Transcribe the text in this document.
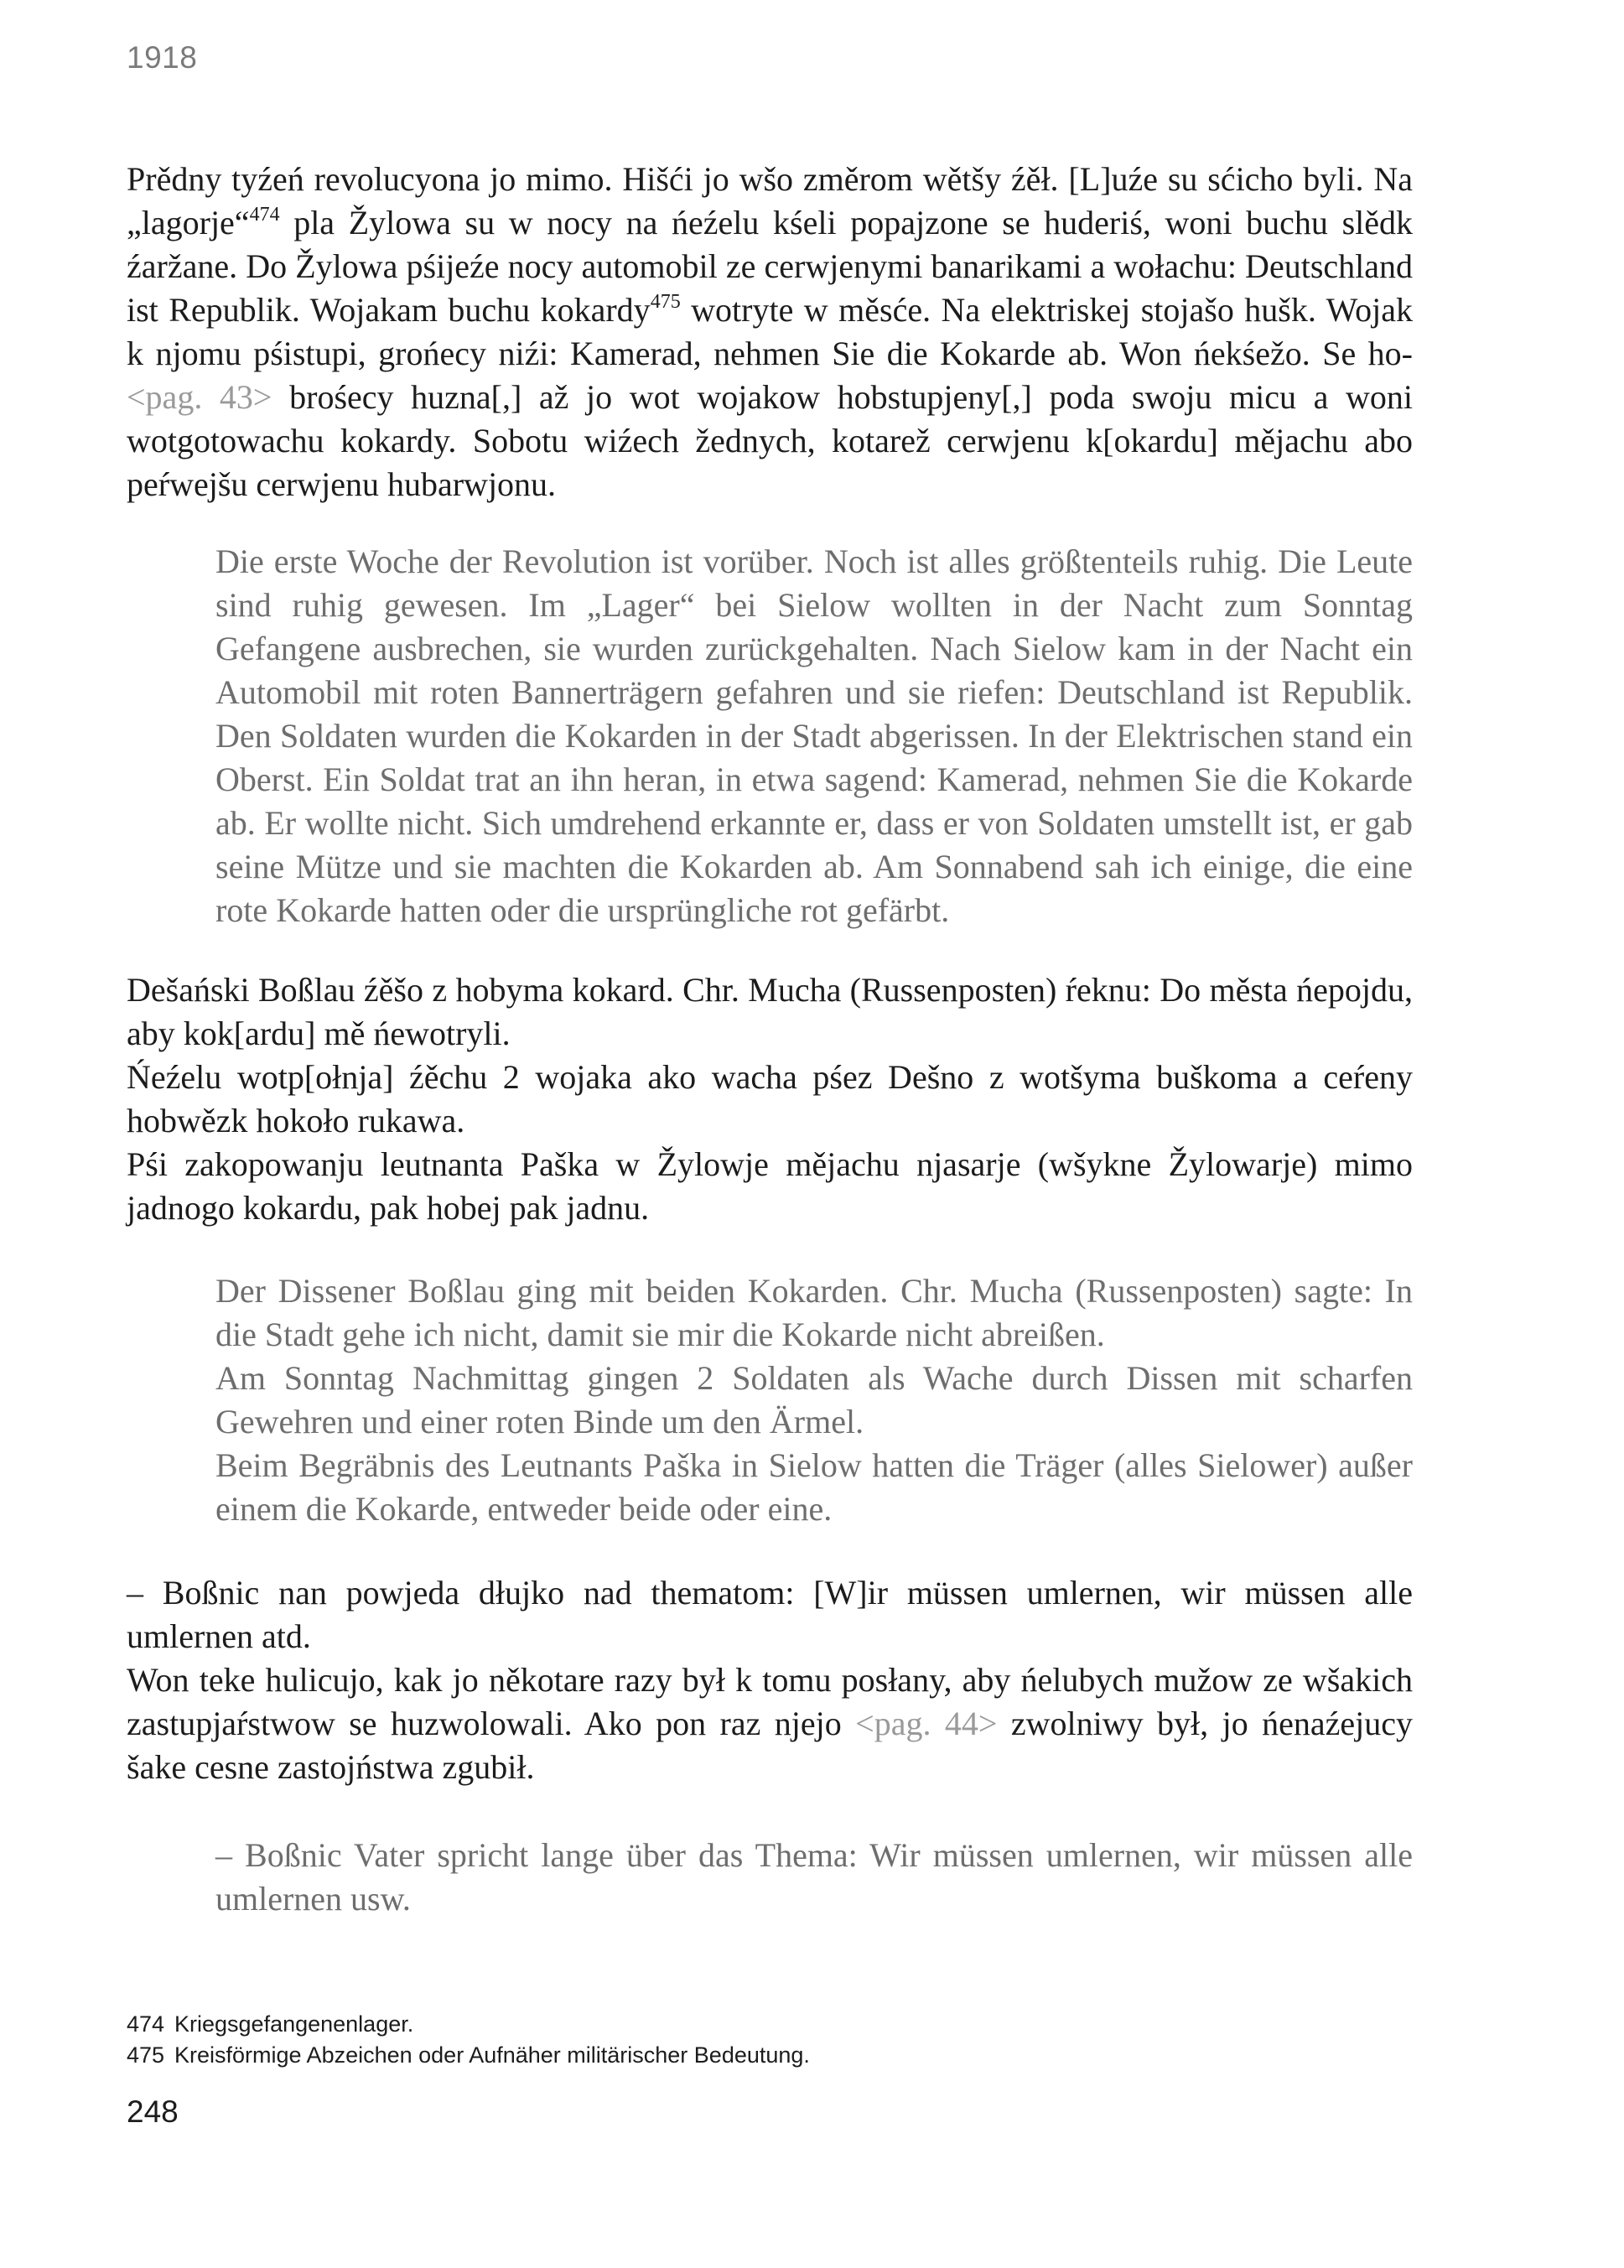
1918

Prědny tyźeń revolucyona jo mimo. Hišći jo wšo změrom wětšy źěł. [L]uźe su sćicho byli. Na „lagorje“$^{474}$ pla Žylowa su w nocy na ńeźelu kśeli popajzone se huderiś, woni buchu slědk źaržane. Do Žylowa pśijeźe nocy automobil ze cerwjenymi banarikami a wołachu: Deutschland ist Republik. Wojakam buchu kokardy$^{475}$ wotryte w měsće. Na elektriskej stojašo hušk. Wojak k njomu pśistupi, grońecy niźi: Kamerad, nehmen Sie die Kokarde ab. Won ńekśežo. Se ho- <pag. 43> brośecy huzna[,] až jo wot wojakow hobstupjeny[,] poda swoju micu a woni wotgotowachu kokardy. Sobotu wiźech žednych, kotarež cerwjenu k[okardu] mějachu abo peŕwejšu cerwjenu hubarwjonu.

Die erste Woche der Revolution ist vorüber. Noch ist alles größtenteils ruhig. Die Leute sind ruhig gewesen. Im „Lager“ bei Sielow wollten in der Nacht zum Sonntag Gefangene ausbrechen, sie wurden zurückgehalten. Nach Sielow kam in der Nacht ein Automobil mit roten Bannerträgern gefahren und sie riefen: Deutschland ist Republik. Den Soldaten wurden die Kokarden in der Stadt abgerissen. In der Elektrischen stand ein Oberst. Ein Soldat trat an ihn heran, in etwa sagend: Kamerad, nehmen Sie die Kokarde ab. Er wollte nicht. Sich umdrehend erkannte er, dass er von Soldaten umstellt ist, er gab seine Mütze und sie machten die Kokarden ab. Am Sonnabend sah ich einige, die eine rote Kokarde hatten oder die ursprüngliche rot gefärbt.

Dešański Boßlau źěšo z hobyma kokard. Chr. Mucha (Russenposten) ŕeknu: Do města ńepojdu, aby kok[ardu] mě ńewotryli.

Ńeźelu wotp[ołnja] źěchu 2 wojaka ako wacha pśez Dešno z wotšyma buškoma a ceŕeny hobwězk hokoło rukawa.

Pśi zakopowanju leutnanta Paška w Žylowje mějachu njasarje (wšykne Žylowarje) mimo jadnogo kokardu, pak hobej pak jadnu.

Der Dissener Boßlau ging mit beiden Kokarden. Chr. Mucha (Russenposten) sagte: In die Stadt gehe ich nicht, damit sie mir die Kokarde nicht abreißen.

Am Sonntag Nachmittag gingen 2 Soldaten als Wache durch Dissen mit scharfen Gewehren und einer roten Binde um den Ärmel.

Beim Begräbnis des Leutnants Paška in Sielow hatten die Träger (alles Sielower) außer einem die Kokarde, entweder beide oder eine.

– Boßnic nan powjeda dłujko nad thematom: [W]ir müssen umlernen, wir müssen alle umlernen atd.

Won teke hulicujo, kak jo někotare razy był k tomu posłany, aby ńelubych mužow ze wšakich zastupjaŕstwow se huzwolowali. Ako pon raz njejo <pag. 44> zwolniwy był, jo ńenaźejucy šake cesne zastojństwa zgubił.

– Boßnic Vater spricht lange über das Thema: Wir müssen umlernen, wir müssen alle umlernen usw.

474 Kriegsgefangenenlager.
475 Kreisförmige Abzeichen oder Aufnäher militärischer Bedeutung.
248
